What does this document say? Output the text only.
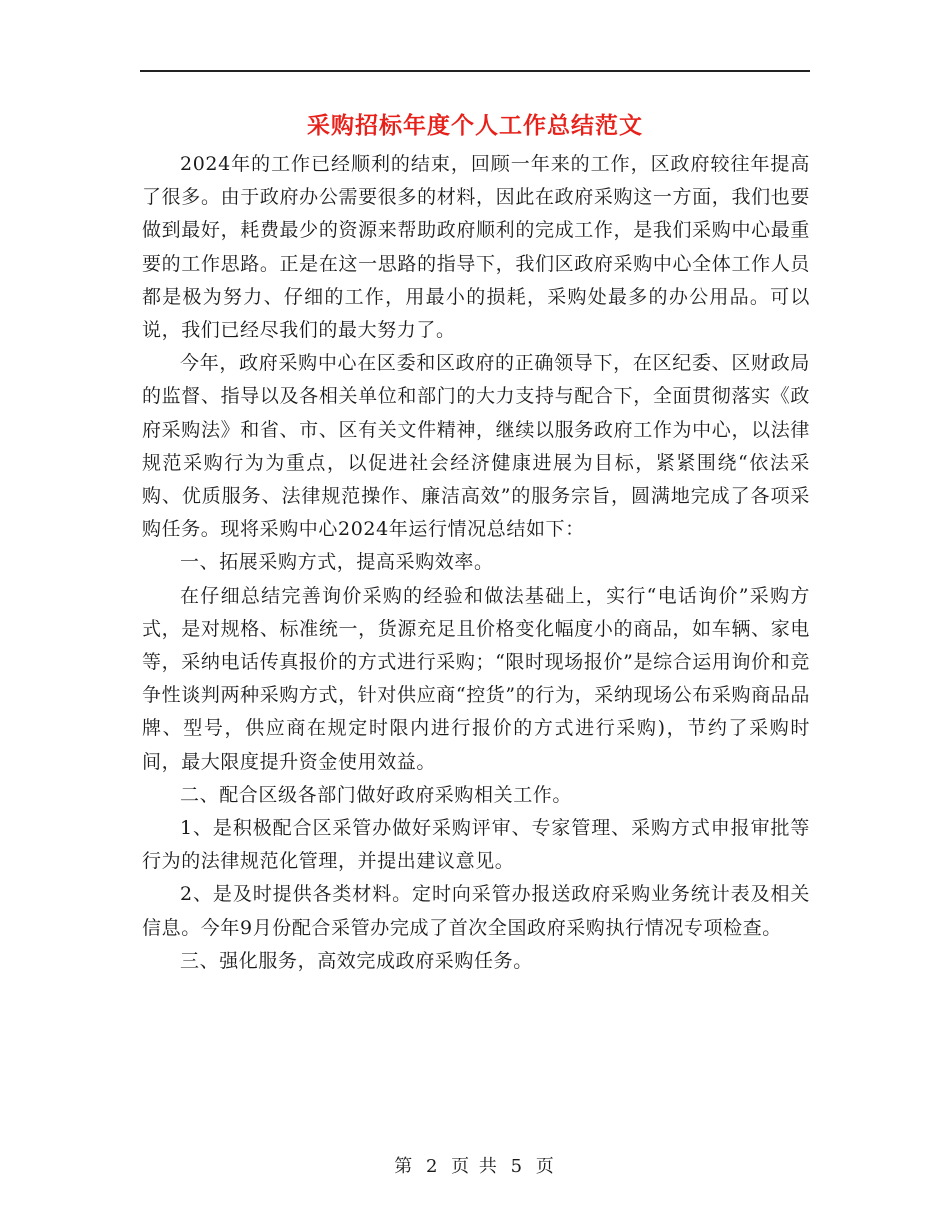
采购招标年度个人工作总结范文

2024年的工作已经顺利的结束，回顾一年来的工作，区政府较往年提高了很多。由于政府办公需要很多的材料，因此在政府采购这一方面，我们也要做到最好，耗费最少的资源来帮助政府顺利的完成工作，是我们采购中心最重要的工作思路。正是在这一思路的指导下，我们区政府采购中心全体工作人员都是极为努力、仔细的工作，用最小的损耗，采购处最多的办公用品。可以说，我们已经尽我们的最大努力了。

今年，政府采购中心在区委和区政府的正确领导下，在区纪委、区财政局的监督、指导以及各相关单位和部门的大力支持与配合下，全面贯彻落实《政府采购法》和省、市、区有关文件精神，继续以服务政府工作为中心，以法律规范采购行为为重点，以促进社会经济健康进展为目标，紧紧围绕“依法采购、优质服务、法律规范操作、廉洁高效”的服务宗旨，圆满地完成了各项采购任务。现将采购中心2024年运行情况总结如下：

一、拓展采购方式，提高采购效率。

在仔细总结完善询价采购的经验和做法基础上，实行“电话询价”采购方式，是对规格、标准统一，货源充足且价格变化幅度小的商品，如车辆、家电等，采纳电话传真报价的方式进行采购；“限时现场报价”是综合运用询价和竞争性谈判两种采购方式，针对供应商“控货”的行为，采纳现场公布采购商品品牌、型号，供应商在规定时限内进行报价的方式进行采购)，节约了采购时间，最大限度提升资金使用效益。

二、配合区级各部门做好政府采购相关工作。

1、是积极配合区采管办做好采购评审、专家管理、采购方式申报审批等行为的法律规范化管理，并提出建议意见。

2、是及时提供各类材料。定时向采管办报送政府采购业务统计表及相关信息。今年9月份配合采管办完成了首次全国政府采购执行情况专项检查。

三、强化服务，高效完成政府采购任务。

第 2 页 共 5 页
